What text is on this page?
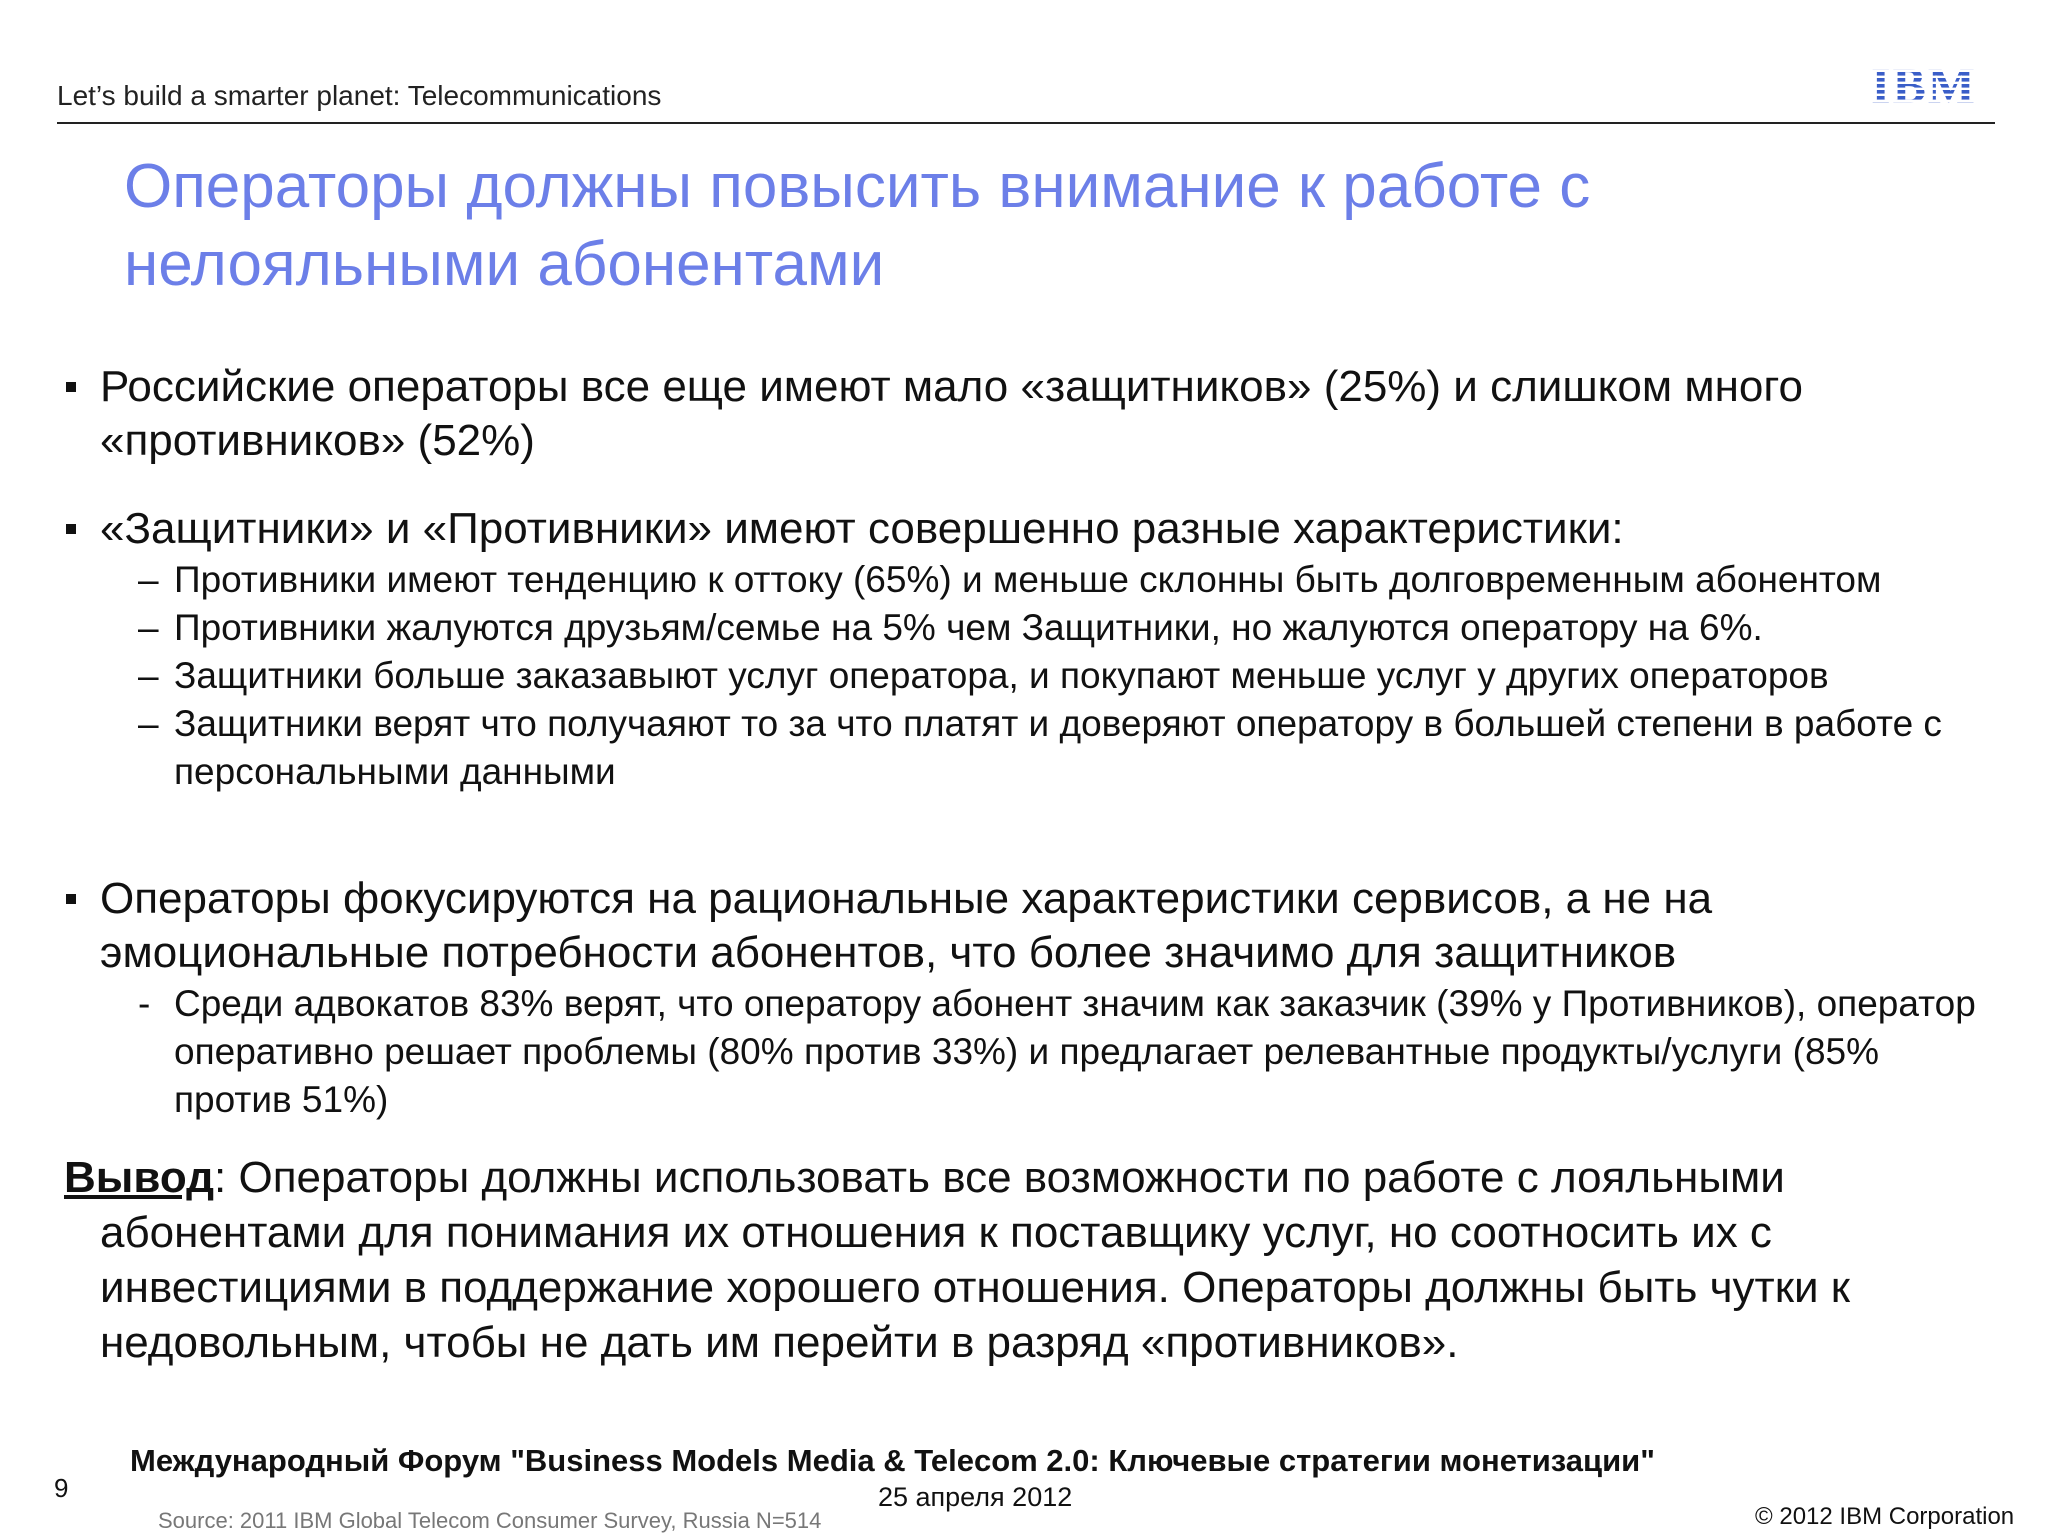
Let’s build a smarter planet: Telecommunications	IBM
Операторы должны повысить внимание к работе с нелояльными абонентами
Российские операторы все еще имеют мало «защитников» (25%) и слишком много «противников» (52%)
«Защитники» и «Противники» имеют совершенно разные характеристики:
– Противники имеют тенденцию к оттоку (65%) и меньше склонны быть долговременным абонентом
– Противники жалуются друзьям/семье на 5% чем Защитники, но жалуются оператору на 6%.
– Защитники больше заказавыют услуг оператора, и покупают меньше услуг у других операторов
– Защитники верят что получаяют то за что платят и доверяют оператору в большей степени в работе с персональными данными
Операторы фокусируются на рациональные характеристики сервисов, а не на эмоциональные потребности абонентов, что более значимо для защитников
- Среди адвокатов 83% верят, что оператору абонент значим как заказчик (39% у Противников), оператор оперативно решает проблемы (80% против 33%) и предлагает релевантные продукты/услуги (85% против 51%)
Вывод: Операторы должны использовать все возможности по работе с лояльными абонентами для понимания их отношения к поставщику услуг, но соотносить их с инвестициями в поддержание хорошего отношения. Операторы должны быть чутки к недовольным, чтобы не дать им перейти в разряд «противников».
Международный Форум "Business Models Media & Telecom 2.0: Ключевые стратегии монетизации"
25 апреля 2012
9
Source: 2011 IBM Global Telecom Consumer Survey, Russia N=514	© 2012 IBM Corporation
